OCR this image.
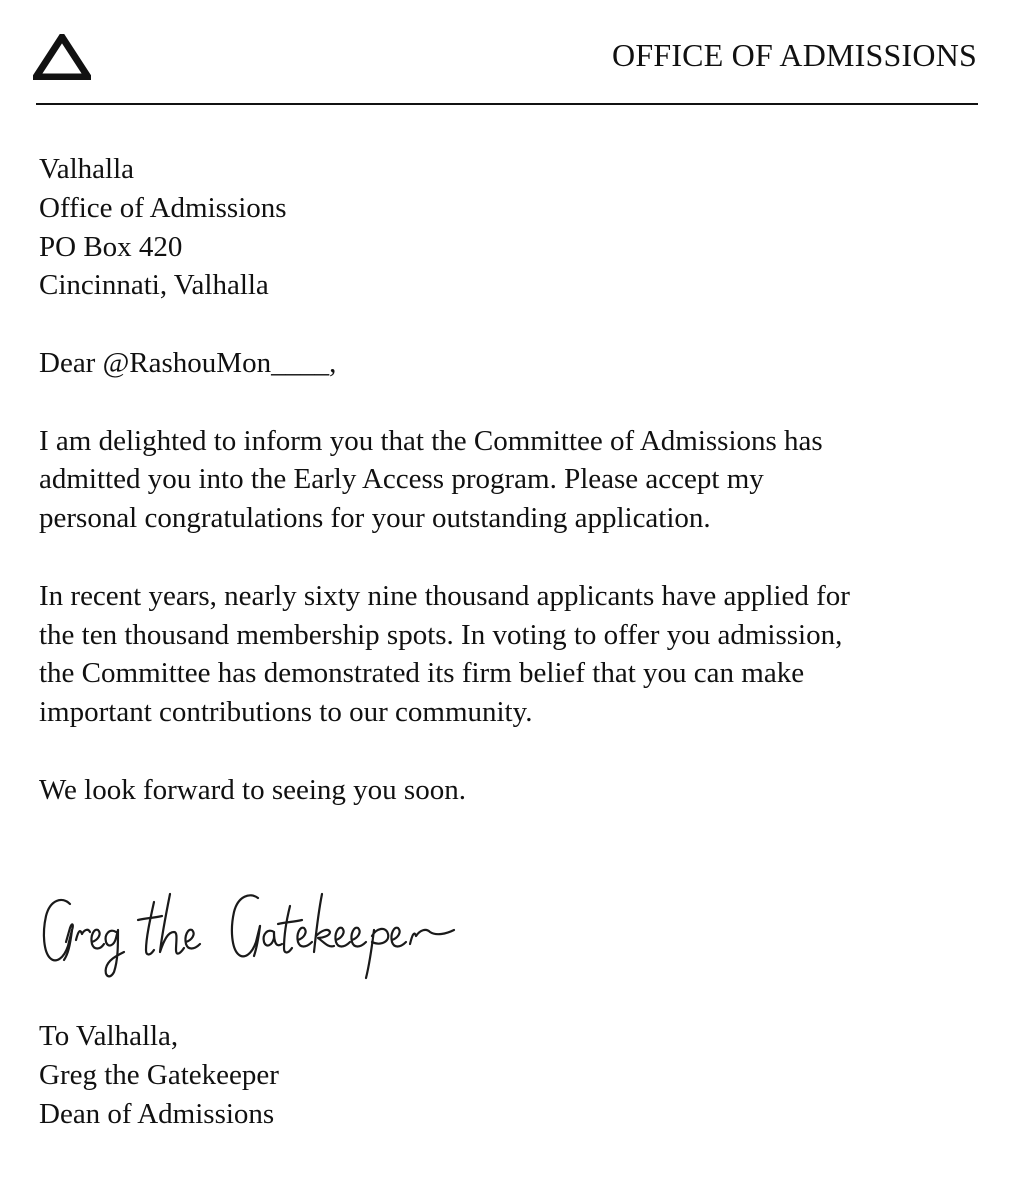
OFFICE OF ADMISSIONS
Valhalla
Office of Admissions
PO Box 420
Cincinnati, Valhalla
Dear @RashouMon____,
I am delighted to inform you that the Committee of Admissions has
admitted you into the Early Access program. Please accept my
personal congratulations for your outstanding application.
In recent years, nearly sixty nine thousand applicants have applied for
the ten thousand membership spots. In voting to offer you admission,
the Committee has demonstrated its firm belief that you can make
important contributions to our community.
We look forward to seeing you soon.
To Valhalla,
Greg the Gatekeeper
Dean of Admissions
